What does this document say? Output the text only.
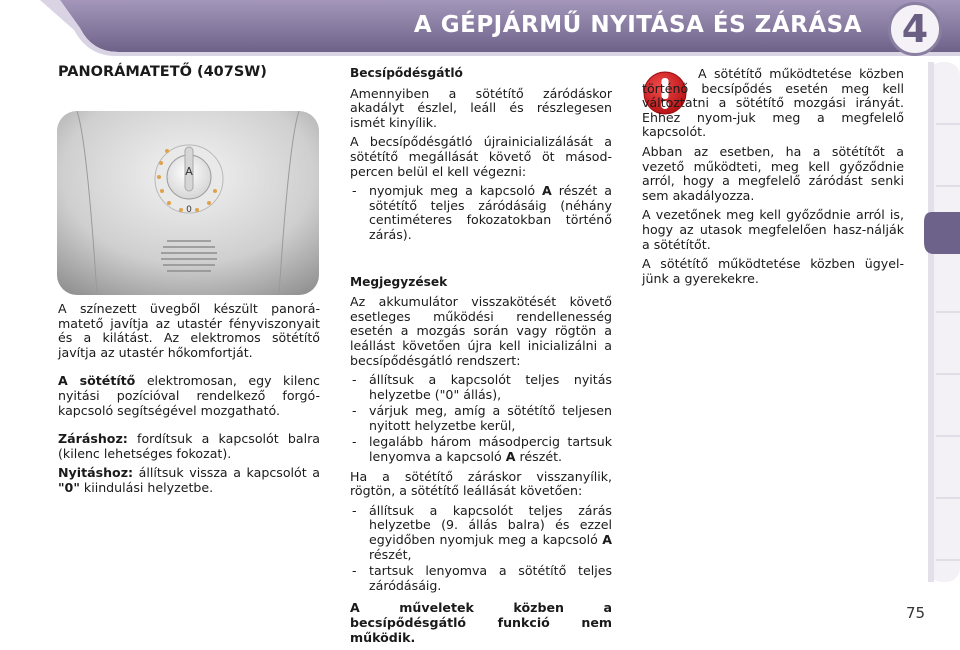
A GÉPJÁRMŰ NYITÁSA ÉS ZÁRÁSA	4
PANORÁMATETŐ (407SW)
A
0

A színezett üvegből készült panorá-matető javítja az utastér fényviszonyait és a kilátást. Az elektromos sötétítő javítja az utastér hőkomfortját.

A sötétítő elektromosan, egy kilenc nyitási pozícióval rendelkező forgó-kapcsoló segítségével mozgatható.

Záráshoz: fordítsuk a kapcsolót balra (kilenc lehetséges fokozat).

Nyitáshoz: állítsuk vissza a kapcsolót a "0" kiindulási helyzetbe.

Becsípődésgátló

Amennyiben a sötétítő záródáskor akadályt észlel, leáll és részlegesen ismét kinyílik.

A becsípődésgátló újrainicializálását a sötétítő megállását követő öt másod-percen belül el kell végezni:

- nyomjuk meg a kapcsoló A részét a sötétítő teljes záródásáig (néhány centiméteres fokozatokban történő zárás).

Megjegyzések

Az akkumulátor visszakötését követő esetleges működési rendellenesség esetén a mozgás során vagy rögtön a leállást követően újra kell inicializálni a becsípődésgátló rendszert:

- állítsuk a kapcsolót teljes nyitás helyzetbe ("0" állás),
- várjuk meg, amíg a sötétítő teljesen nyitott helyzetbe kerül,
- legalább három másodpercig tartsuk lenyomva a kapcsoló A részét.

Ha a sötétítő záráskor visszanyílik, rögtön, a sötétítő leállását követően:

- állítsuk a kapcsolót teljes zárás helyzetbe (9. állás balra) és ezzel egyidőben nyomjuk meg a kapcsoló A részét,
- tartsuk lenyomva a sötétítő teljes záródásáig.

A műveletek közben a becsípődésgátló funkció nem működik.

A sötétítő működtetése közben történő becsípődés esetén meg kell változtatni a sötétítő mozgási irányát. Ehhez nyom-juk meg a megfelelő kapcsolót.

Abban az esetben, ha a sötétítőt a vezető működteti, meg kell győződnie arról, hogy a megfelelő záródást senki sem akadályozza.

A vezetőnek meg kell győződnie arról is, hogy az utasok megfelelően hasz-nálják a sötétítőt.

A sötétítő működtetése közben ügyel-jünk a gyerekekre.

75
